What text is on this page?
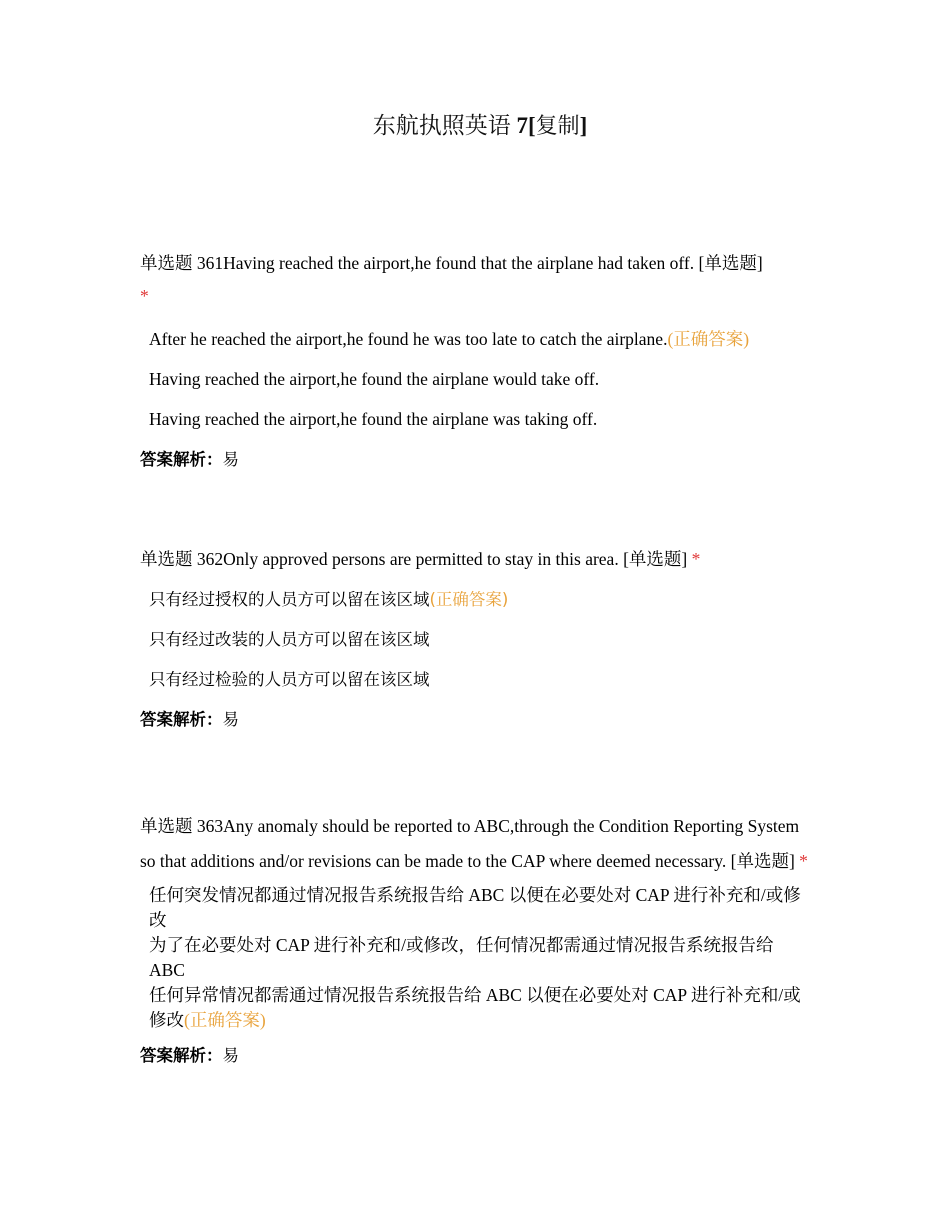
东航执照英语 7[复制]
单选题 361Having reached the airport,he found that the airplane had taken off. [单选题]
*
After he reached the airport,he found he was too late to catch the airplane.(正确答案)
Having reached the airport,he found the airplane would take off.
Having reached the airport,he found the airplane was taking off.
答案解析：易
单选题 362Only approved persons are permitted to stay in this area. [单选题] *
只有经过授权的人员方可以留在该区域(正确答案)
只有经过改装的人员方可以留在该区域
只有经过检验的人员方可以留在该区域
答案解析：易
单选题 363Any anomaly should be reported to ABC,through the Condition Reporting System so that additions and/or revisions can be made to the CAP where deemed necessary. [单选题] *
任何突发情况都通过情况报告系统报告给 ABC 以便在必要处对 CAP 进行补充和/或修改
为了在必要处对 CAP 进行补充和/或修改，任何情况都需通过情况报告系统报告给 ABC
任何异常情况都需通过情况报告系统报告给 ABC 以便在必要处对 CAP 进行补充和/或修改(正确答案)
答案解析：易
